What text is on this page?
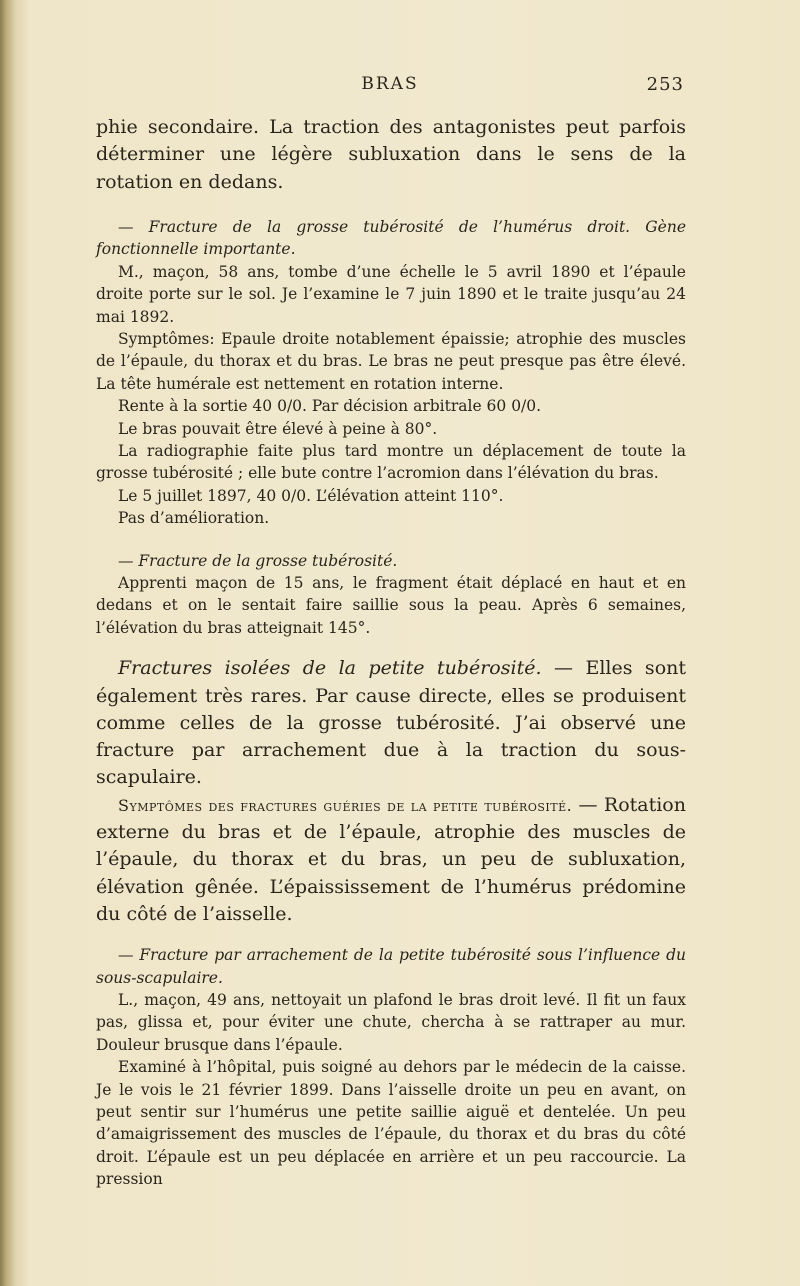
BRAS	253

phie secondaire. La traction des antagonistes peut parfois déterminer une légère subluxation dans le sens de la rotation en dedans.

— Fracture de la grosse tubérosité de l’humérus droit. Gène fonctionnelle importante.

M., maçon, 58 ans, tombe d’une échelle le 5 avril 1890 et l’épaule droite porte sur le sol. Je l’examine le 7 juin 1890 et le traite jusqu’au 24 mai 1892.

Symptômes: Epaule droite notablement épaissie; atrophie des muscles de l’épaule, du thorax et du bras. Le bras ne peut presque pas être élevé. La tête humérale est nettement en rotation interne.

Rente à la sortie 40 0/0. Par décision arbitrale 60 0/0.

Le bras pouvait être élevé à peine à 80°.

La radiographie faite plus tard montre un déplacement de toute la grosse tubérosité ; elle bute contre l’acromion dans l’élévation du bras.

Le 5 juillet 1897, 40 0/0. L’élévation atteint 110°.

Pas d’amélioration.

— Fracture de la grosse tubérosité.

Apprenti maçon de 15 ans, le fragment était déplacé en haut et en dedans et on le sentait faire saillie sous la peau. Après 6 semaines, l’élévation du bras atteignait 145°.

Fractures isolées de la petite tubérosité. — Elles sont également très rares. Par cause directe, elles se produisent comme celles de la grosse tubérosité. J’ai observé une fracture par arrachement due à la traction du sous-scapulaire.

Symptômes des fractures guéries de la petite tubérosité. — Rotation externe du bras et de l’épaule, atrophie des muscles de l’épaule, du thorax et du bras, un peu de subluxation, élévation gênée. L’épaississement de l’humérus prédomine du côté de l’aisselle.

— Fracture par arrachement de la petite tubérosité sous l’influence du sous-scapulaire.

L., maçon, 49 ans, nettoyait un plafond le bras droit levé. Il fit un faux pas, glissa et, pour éviter une chute, chercha à se rattraper au mur. Douleur brusque dans l’épaule.

Examiné à l’hôpital, puis soigné au dehors par le médecin de la caisse. Je le vois le 21 février 1899. Dans l’aisselle droite un peu en avant, on peut sentir sur l’humérus une petite saillie aiguë et dentelée. Un peu d’amaigrissement des muscles de l’épaule, du thorax et du bras du côté droit. L’épaule est un peu déplacée en arrière et un peu raccourcie. La pression
